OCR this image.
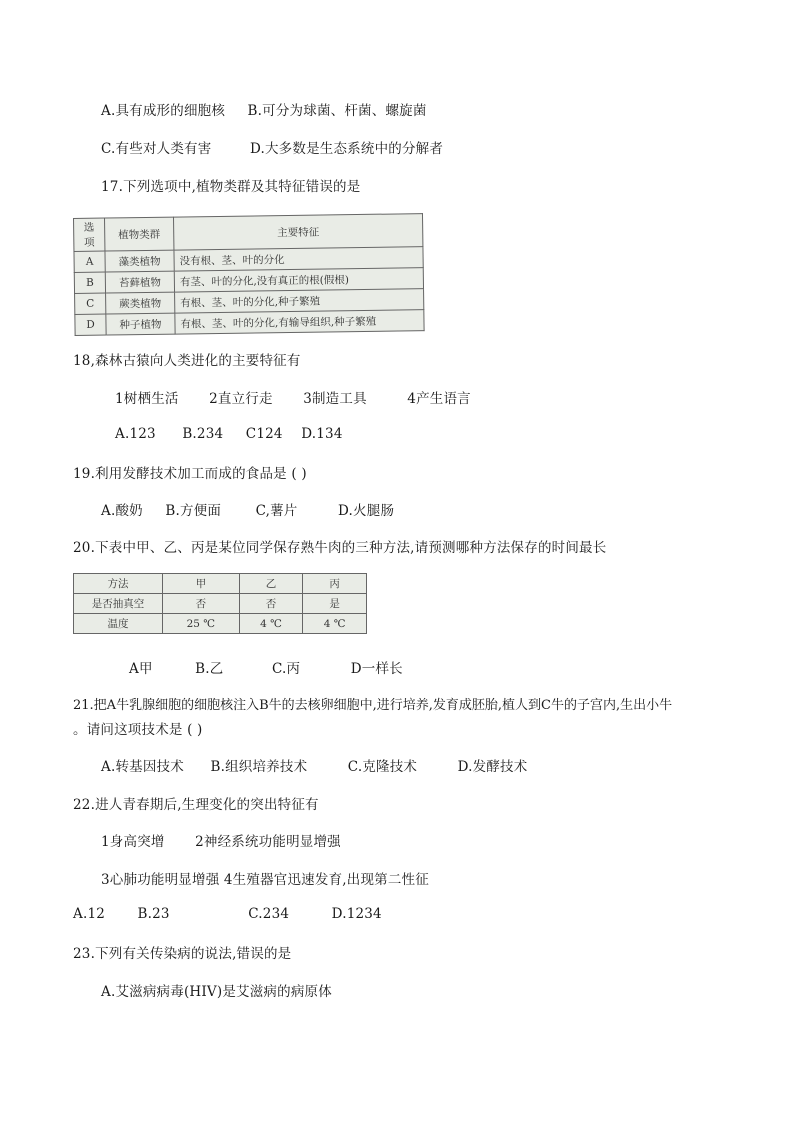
A.具有成形的细胞核 B.可分为球菌、杆菌、螺旋菌
C.有些对人类有害	D.大多数是生态系统中的分解者
17.下列选项中,植物类群及其特征错误的是
选项	植物类群	主要特征
A	藻类植物	没有根、茎、叶的分化
B	苔藓植物	有茎、叶的分化,没有真正的根(假根)
C	蕨类植物	有根、茎、叶的分化,种子繁殖
D	种子植物	有根、茎、叶的分化,有输导组织,种子繁殖
18,森林古猿向人类进化的主要特征有
1树栖生活 2直立行走 3制造工具	4产生语言
A.123 B.234 C124 D.134
19.利用发酵技术加工而成的食品是 ( )
A.酸奶 B.方便面	C,薯片	D.火腿肠
20.下表中甲、乙、丙是某位同学保存熟牛肉的三种方法,请预测哪种方法保存的时间最长
方法	甲	乙	丙
是否抽真空	否	否	是
温度	25 ℃	4 ℃	4 ℃
A甲	B.乙	C.丙	D一样长
21.把A牛乳腺细胞的细胞核注入B牛的去核卵细胞中,进行培养,发育成胚胎,植人到C牛的子宫内,生出小牛
。请问这项技术是 ( )
A.转基因技术 B.组织培养技术	C.克隆技术	D.发酵技术
22.进人青春期后,生理变化的突出特征有
1身高突增 2神经系统功能明显增强
3心肺功能明显增强 4生殖器官迅速发育,出现第二性征
A.12 B.23	C.234	D.1234
23.下列有关传染病的说法,错误的是
A.艾滋病病毒(HIV)是艾滋病的病原体
